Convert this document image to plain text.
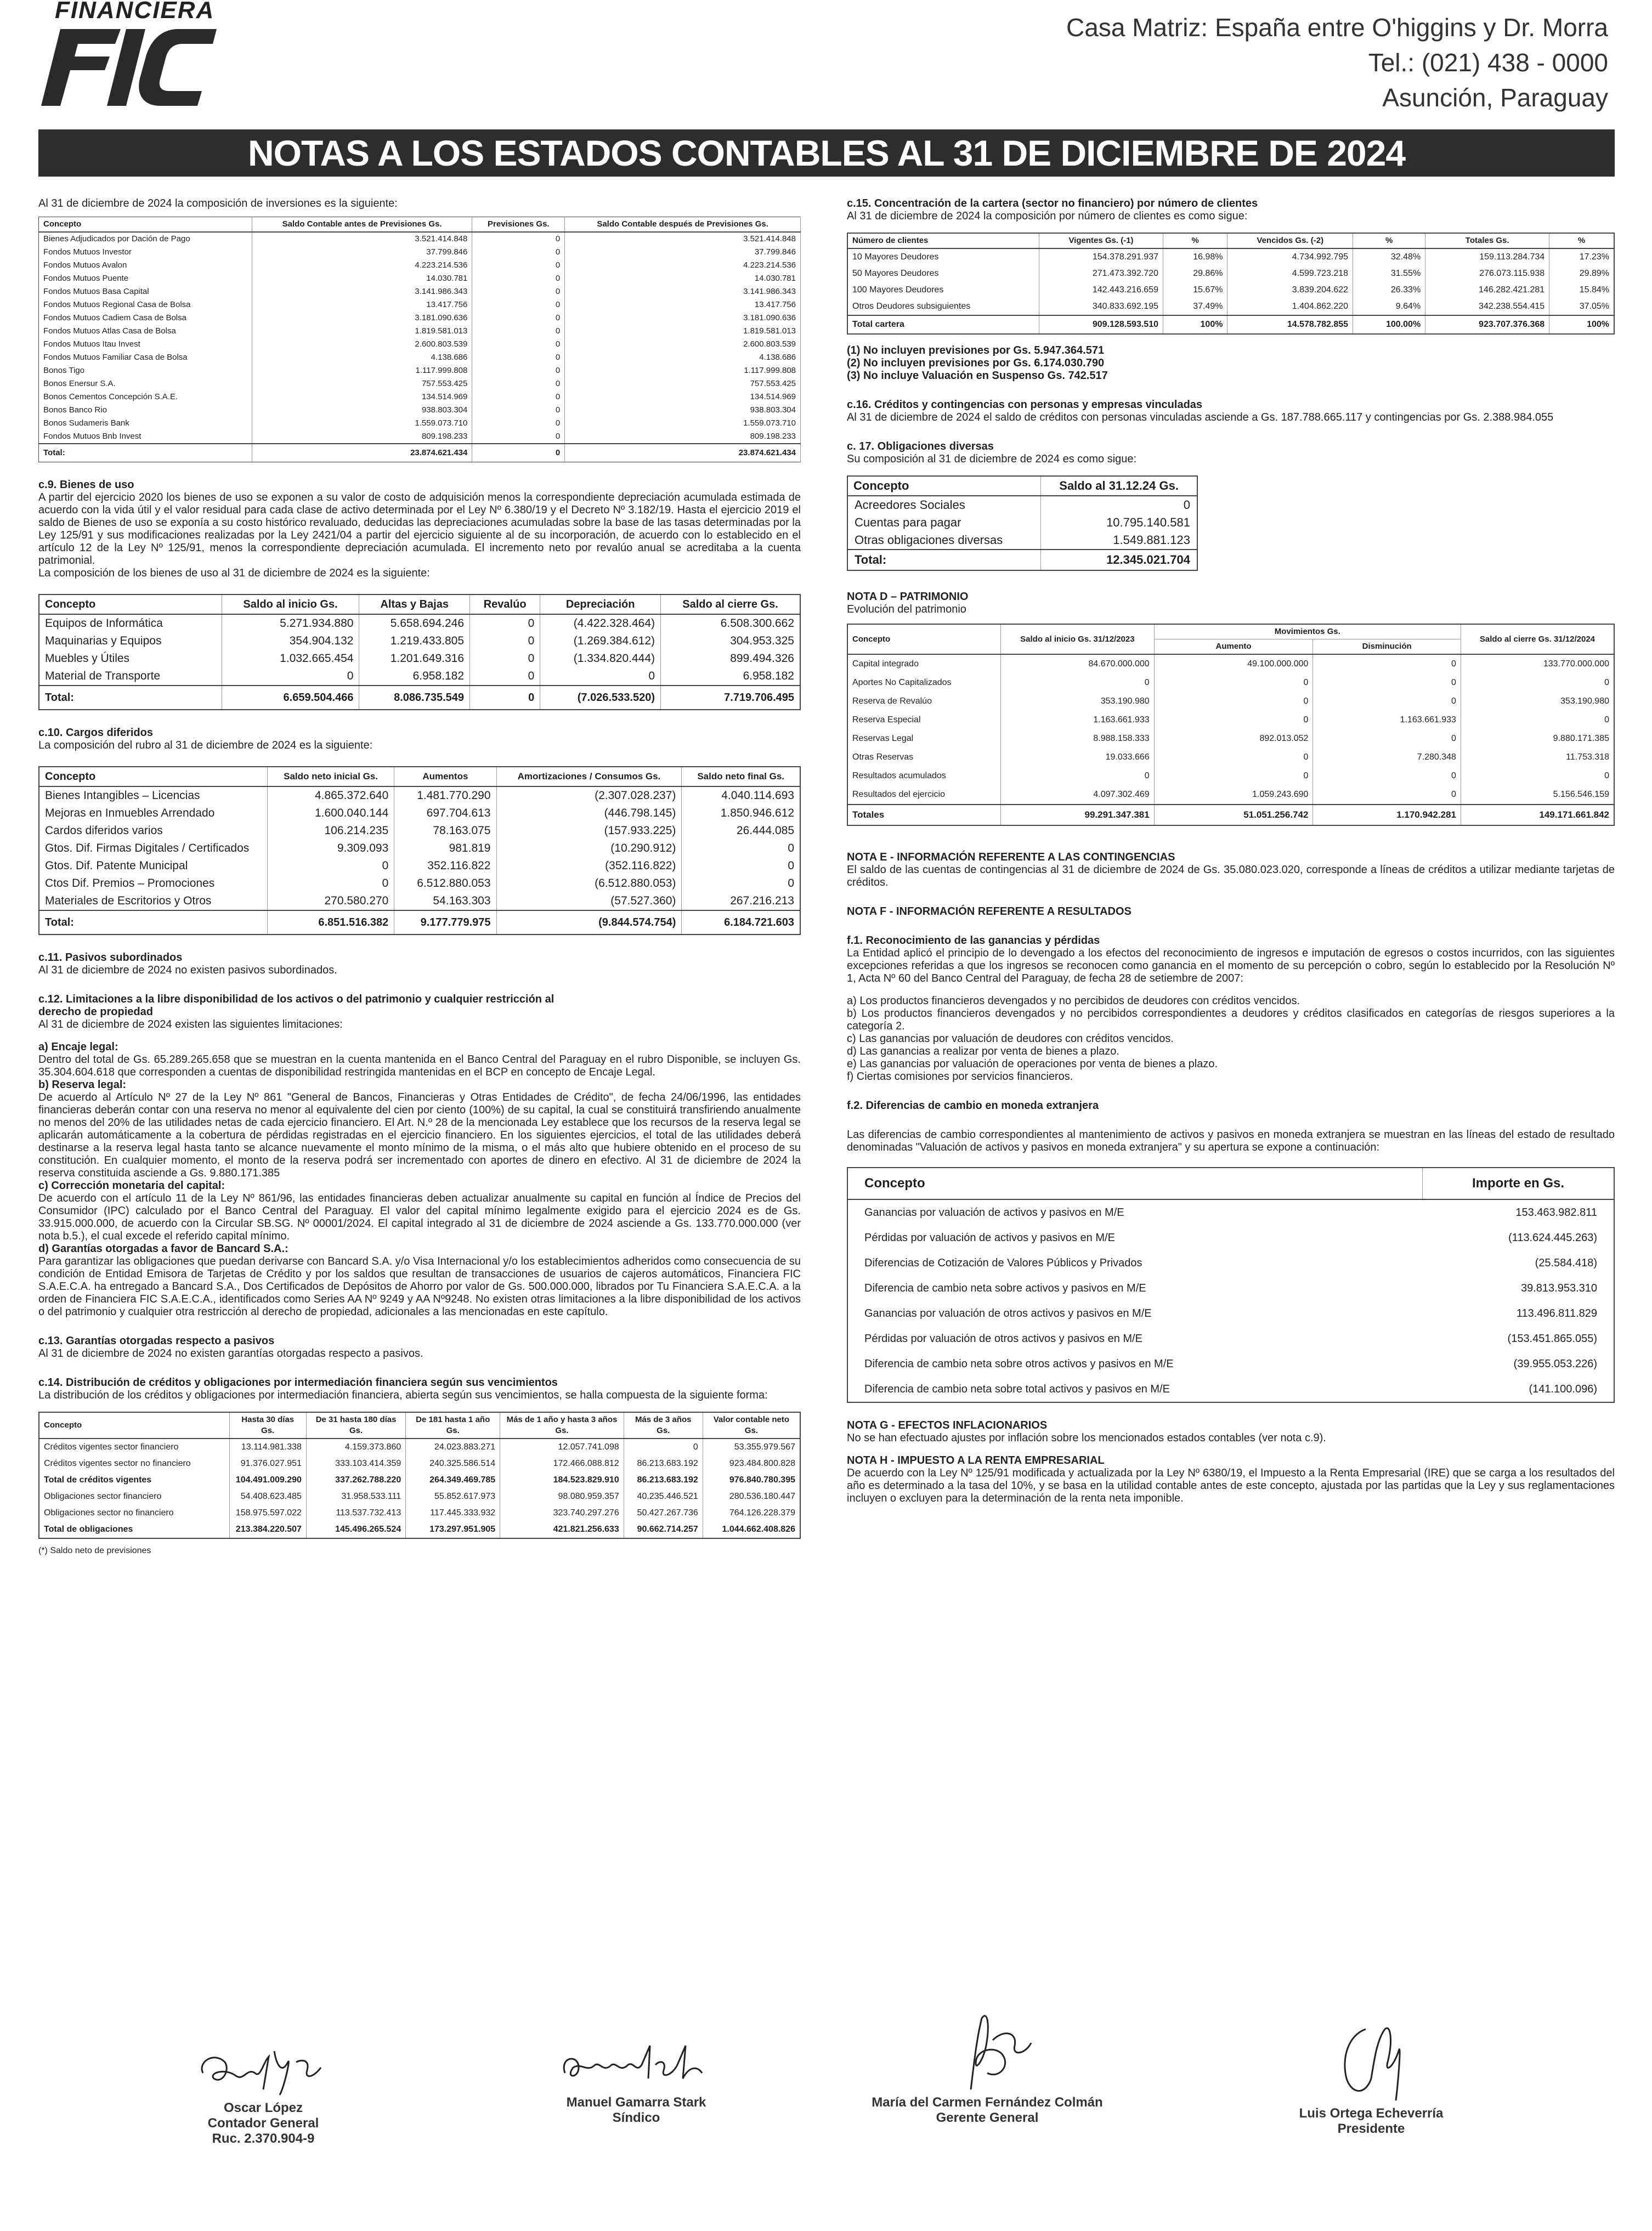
FINANCIERA
Casa Matriz: España entre O'higgins y Dr. Morra
Tel.: (021) 438 - 0000
Asunción, Paraguay
NOTAS A LOS ESTADOS CONTABLES AL 31 DE DICIEMBRE DE 2024
Al 31 de diciembre de 2024 la composición de inversiones es la siguiente:
Concepto	Saldo Contable antes de Previsiones Gs.	Previsiones Gs.	Saldo Contable después de Previsiones Gs.
Bienes Adjudicados por Dación de Pago	3.521.414.848	0	3.521.414.848
Fondos Mutuos Investor	37.799.846	0	37.799.846
Fondos Mutuos Avalon	4.223.214.536	0	4.223.214.536
Fondos Mutuos Puente	14.030.781	0	14.030.781
Fondos Mutuos Basa Capital	3.141.986.343	0	3.141.986.343
Fondos Mutuos Regional Casa de Bolsa	13.417.756	0	13.417.756
Fondos Mutuos Cadiem Casa de Bolsa	3.181.090.636	0	3.181.090.636
Fondos Mutuos Atlas Casa de Bolsa	1.819.581.013	0	1.819.581.013
Fondos Mutuos Itau Invest	2.600.803.539	0	2.600.803.539
Fondos Mutuos Familiar Casa de Bolsa	4.138.686	0	4.138.686
Bonos Tigo	1.117.999.808	0	1.117.999.808
Bonos Enersur S.A.	757.553.425	0	757.553.425
Bonos Cementos Concepción S.A.E.	134.514.969	0	134.514.969
Bonos Banco Rio	938.803.304	0	938.803.304
Bonos Sudameris Bank	1.559.073.710	0	1.559.073.710
Fondos Mutuos Bnb Invest	809.198.233	0	809.198.233
Total:	23.874.621.434	0	23.874.621.434
c.9. Bienes de uso
A partir del ejercicio 2020 los bienes de uso se exponen a su valor de costo de adquisición menos la correspondiente depreciación acumulada estimada de acuerdo con la vida útil y el valor residual para cada clase de activo determinada por el Ley Nº 6.380/19 y el Decreto Nº 3.182/19. Hasta el ejercicio 2019 el saldo de Bienes de uso se exponía a su costo histórico revaluado, deducidas las depreciaciones acumuladas sobre la base de las tasas determinadas por la Ley 125/91 y sus modificaciones realizadas por la Ley 2421/04 a partir del ejercicio siguiente al de su incorporación, de acuerdo con lo establecido en el artículo 12 de la Ley Nº 125/91, menos la correspondiente depreciación acumulada. El incremento neto por revalúo anual se acreditaba a la cuenta patrimonial.
La composición de los bienes de uso al 31 de diciembre de 2024 es la siguiente:
Concepto	Saldo al inicio Gs.	Altas y Bajas	Revalúo	Depreciación	Saldo al cierre Gs.
Equipos de Informática	5.271.934.880	5.658.694.246	0	(4.422.328.464)	6.508.300.662
Maquinarias y Equipos	354.904.132	1.219.433.805	0	(1.269.384.612)	304.953.325
Muebles y Útiles	1.032.665.454	1.201.649.316	0	(1.334.820.444)	899.494.326
Material de Transporte	0	6.958.182	0	0	6.958.182
Total:	6.659.504.466	8.086.735.549	0	(7.026.533.520)	7.719.706.495
c.10. Cargos diferidos
La composición del rubro al 31 de diciembre de 2024 es la siguiente:
Concepto	Saldo neto inicial Gs.	Aumentos	Amortizaciones / Consumos Gs.	Saldo neto final Gs.
Bienes Intangibles – Licencias	4.865.372.640	1.481.770.290	(2.307.028.237)	4.040.114.693
Mejoras en Inmuebles Arrendado	1.600.040.144	697.704.613	(446.798.145)	1.850.946.612
Cardos diferidos varios	106.214.235	78.163.075	(157.933.225)	26.444.085
Gtos. Dif. Firmas Digitales / Certificados	9.309.093	981.819	(10.290.912)	0
Gtos. Dif. Patente Municipal	0	352.116.822	(352.116.822)	0
Ctos Dif. Premios – Promociones	0	6.512.880.053	(6.512.880.053)	0
Materiales de Escritorios y Otros	270.580.270	54.163.303	(57.527.360)	267.216.213
Total:	6.851.516.382	9.177.779.975	(9.844.574.754)	6.184.721.603
c.11. Pasivos subordinados
Al 31 de diciembre de 2024 no existen pasivos subordinados.
c.12. Limitaciones a la libre disponibilidad de los activos o del patrimonio y cualquier restricción al
derecho de propiedad
Al 31 de diciembre de 2024 existen las siguientes limitaciones:
a) Encaje legal:
Dentro del total de Gs. 65.289.265.658 que se muestran en la cuenta mantenida en el Banco Central del Paraguay en el rubro Disponible, se incluyen Gs. 35.304.604.618 que corresponden a cuentas de disponibilidad restringida mantenidas en el BCP en concepto de Encaje Legal.
b) Reserva legal:
De acuerdo al Artículo Nº 27 de la Ley Nº 861 "General de Bancos, Financieras y Otras Entidades de Crédito", de fecha 24/06/1996, las entidades financieras deberán contar con una reserva no menor al equivalente del cien por ciento (100%) de su capital, la cual se constituirá transfiriendo anualmente no menos del 20% de las utilidades netas de cada ejercicio financiero. El Art. N.º 28 de la mencionada Ley establece que los recursos de la reserva legal se aplicarán automáticamente a la cobertura de pérdidas registradas en el ejercicio financiero. En los siguientes ejercicios, el total de las utilidades deberá destinarse a la reserva legal hasta tanto se alcance nuevamente el monto mínimo de la misma, o el más alto que hubiere obtenido en el proceso de su constitución. En cualquier momento, el monto de la reserva podrá ser incrementado con aportes de dinero en efectivo. Al 31 de diciembre de 2024 la reserva constituida asciende a Gs. 9.880.171.385
c) Corrección monetaria del capital:
De acuerdo con el artículo 11 de la Ley Nº 861/96, las entidades financieras deben actualizar anualmente su capital en función al Índice de Precios del Consumidor (IPC) calculado por el Banco Central del Paraguay. El valor del capital mínimo legalmente exigido para el ejercicio 2024 es de Gs. 33.915.000.000, de acuerdo con la Circular SB.SG. Nº 00001/2024. El capital integrado al 31 de diciembre de 2024 asciende a Gs. 133.770.000.000 (ver nota b.5.), el cual excede el referido capital mínimo.
d) Garantías otorgadas a favor de Bancard S.A.:
Para garantizar las obligaciones que puedan derivarse con Bancard S.A. y/o Visa Internacional y/o los establecimientos adheridos como consecuencia de su condición de Entidad Emisora de Tarjetas de Crédito y por los saldos que resultan de transacciones de usuarios de cajeros automáticos, Financiera FIC S.A.E.C.A. ha entregado a Bancard S.A., Dos Certificados de Depósitos de Ahorro por valor de Gs. 500.000.000, librados por Tu Financiera S.A.E.C.A. a la orden de Financiera FIC S.A.E.C.A., identificados como Series AA Nº 9249 y AA Nº9248. No existen otras limitaciones a la libre disponibilidad de los activos o del patrimonio y cualquier otra restricción al derecho de propiedad, adicionales a las mencionadas en este capítulo.
c.13. Garantías otorgadas respecto a pasivos
Al 31 de diciembre de 2024 no existen garantías otorgadas respecto a pasivos.
c.14. Distribución de créditos y obligaciones por intermediación financiera según sus vencimientos
La distribución de los créditos y obligaciones por intermediación financiera, abierta según sus vencimientos, se halla compuesta de la siguiente forma:
Concepto	Hasta 30 días Gs.	De 31 hasta 180 días Gs.	De 181 hasta 1 año Gs.	Más de 1 año y hasta 3 años Gs.	Más de 3 años Gs.	Valor contable neto Gs.
Créditos vigentes sector financiero	13.114.981.338	4.159.373.860	24.023.883.271	12.057.741.098	0	53.355.979.567
Créditos vigentes sector no financiero	91.376.027.951	333.103.414.359	240.325.586.514	172.466.088.812	86.213.683.192	923.484.800.828
Total de créditos vigentes	104.491.009.290	337.262.788.220	264.349.469.785	184.523.829.910	86.213.683.192	976.840.780.395
Obligaciones sector financiero	54.408.623.485	31.958.533.111	55.852.617.973	98.080.959.357	40.235.446.521	280.536.180.447
Obligaciones sector no financiero	158.975.597.022	113.537.732.413	117.445.333.932	323.740.297.276	50.427.267.736	764.126.228.379
Total de obligaciones	213.384.220.507	145.496.265.524	173.297.951.905	421.821.256.633	90.662.714.257	1.044.662.408.826
(*) Saldo neto de previsiones
c.15. Concentración de la cartera (sector no financiero) por número de clientes
Al 31 de diciembre de 2024 la composición por número de clientes es como sigue:
Número de clientes	Vigentes Gs. (-1)	%	Vencidos Gs. (-2)	%	Totales Gs.	%
10 Mayores Deudores	154.378.291.937	16.98%	4.734.992.795	32.48%	159.113.284.734	17.23%
50 Mayores Deudores	271.473.392.720	29.86%	4.599.723.218	31.55%	276.073.115.938	29.89%
100 Mayores Deudores	142.443.216.659	15.67%	3.839.204.622	26.33%	146.282.421.281	15.84%
Otros Deudores subsiguientes	340.833.692.195	37.49%	1.404.862.220	9.64%	342.238.554.415	37.05%
Total cartera	909.128.593.510	100%	14.578.782.855	100.00%	923.707.376.368	100%
(1) No incluyen previsiones por Gs. 5.947.364.571
(2) No incluyen previsiones por Gs. 6.174.030.790
(3) No incluye Valuación en Suspenso Gs. 742.517
c.16. Créditos y contingencias con personas y empresas vinculadas
Al 31 de diciembre de 2024 el saldo de créditos con personas vinculadas asciende a Gs. 187.788.665.117 y contingencias por Gs. 2.388.984.055
c. 17. Obligaciones diversas
Su composición al 31 de diciembre de 2024 es como sigue:
Concepto	Saldo al 31.12.24 Gs.
Acreedores Sociales	0
Cuentas para pagar	10.795.140.581
Otras obligaciones diversas	1.549.881.123
Total:	12.345.021.704
NOTA D – PATRIMONIO
Evolución del patrimonio
Concepto	Saldo al inicio Gs. 31/12/2023	Movimientos Gs.		Saldo al cierre Gs. 31/12/2024
		Aumento	Disminución	
Capital integrado	84.670.000.000	49.100.000.000	0	133.770.000.000
Aportes No Capitalizados	0	0	0	0
Reserva de Revalúo	353.190.980	0	0	353.190.980
Reserva Especial	1.163.661.933	0	1.163.661.933	0
Reservas Legal	8.988.158.333	892.013.052	0	9.880.171.385
Otras Reservas	19.033.666	0	7.280.348	11.753.318
Resultados acumulados	0	0	0	0
Resultados del ejercicio	4.097.302.469	1.059.243.690	0	5.156.546.159
Totales	99.291.347.381	51.051.256.742	1.170.942.281	149.171.661.842
NOTA E - INFORMACIÓN REFERENTE A LAS CONTINGENCIAS
El saldo de las cuentas de contingencias al 31 de diciembre de 2024 de Gs. 35.080.023.020, corresponde a líneas de créditos a utilizar mediante tarjetas de créditos.
NOTA F - INFORMACIÓN REFERENTE A RESULTADOS
f.1. Reconocimiento de las ganancias y pérdidas
La Entidad aplicó el principio de lo devengado a los efectos del reconocimiento de ingresos e imputación de egresos o costos incurridos, con las siguientes excepciones referidas a que los ingresos se reconocen como ganancia en el momento de su percepción o cobro, según lo establecido por la Resolución Nº 1, Acta Nº 60 del Banco Central del Paraguay, de fecha 28 de setiembre de 2007:
a) Los productos financieros devengados y no percibidos de deudores con créditos vencidos.
b) Los productos financieros devengados y no percibidos correspondientes a deudores y créditos clasificados en categorías de riesgos superiores a la categoría 2.
c) Las ganancias por valuación de deudores con créditos vencidos.
d) Las ganancias a realizar por venta de bienes a plazo.
e) Las ganancias por valuación de operaciones por venta de bienes a plazo.
f) Ciertas comisiones por servicios financieros.
f.2. Diferencias de cambio en moneda extranjera
Las diferencias de cambio correspondientes al mantenimiento de activos y pasivos en moneda extranjera se muestran en las líneas del estado de resultado denominadas "Valuación de activos y pasivos en moneda extranjera" y su apertura se expone a continuación:
Concepto	Importe en Gs.
Ganancias por valuación de activos y pasivos en M/E	153.463.982.811
Pérdidas por valuación de activos y pasivos en M/E	(113.624.445.263)
Diferencias de Cotización de Valores Públicos y Privados	(25.584.418)
Diferencia de cambio neta sobre activos y pasivos en M/E	39.813.953.310
Ganancias por valuación de otros activos y pasivos en M/E	113.496.811.829
Pérdidas por valuación de otros activos y pasivos en M/E	(153.451.865.055)
Diferencia de cambio neta sobre otros activos y pasivos en M/E	(39.955.053.226)
Diferencia de cambio neta sobre total activos y pasivos en M/E	(141.100.096)
NOTA G - EFECTOS INFLACIONARIOS
No se han efectuado ajustes por inflación sobre los mencionados estados contables (ver nota c.9).
NOTA H - IMPUESTO A LA RENTA EMPRESARIAL
De acuerdo con la Ley Nº 125/91 modificada y actualizada por la Ley Nº 6380/19, el Impuesto a la Renta Empresarial (IRE) que se carga a los resultados del año es determinado a la tasa del 10%, y se basa en la utilidad contable antes de este concepto, ajustada por las partidas que la Ley y sus reglamentaciones incluyen o excluyen para la determinación de la renta neta imponible.
Oscar López
Contador General
Ruc. 2.370.904-9
Manuel Gamarra Stark
Síndico
María del Carmen Fernández Colmán
Gerente General	Luis Ortega Echeverría
Presidente
